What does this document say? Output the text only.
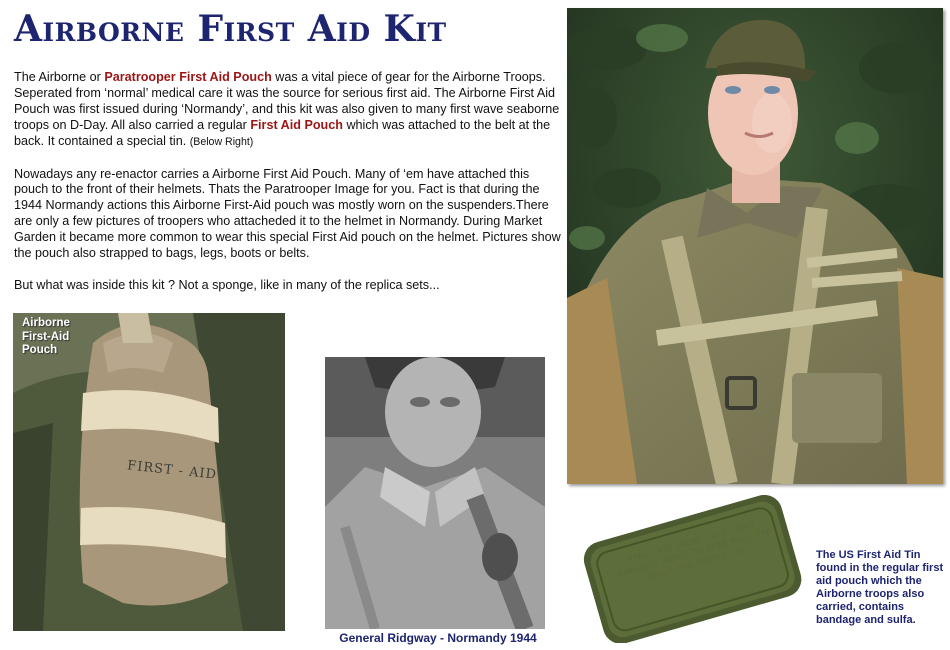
Airborne First Aid Kit

The Airborne or Paratrooper First Aid Pouch was a vital piece of gear for the Airborne Troops. Seperated from ‘normal’ medical care it was the source for serious first aid. The Airborne First Aid Pouch was first issued during ‘Normandy’, and this kit was also given to many first wave seaborne troops on D-Day. All also carried a regular First Aid Pouch which was attached to the belt at the back. It contained a special tin. (Below Right)

Nowadays any re-enactor carries a Airborne First Aid Pouch. Many of ‘em have attached this pouch to the front of their helmets. Thats the Paratrooper Image for you. Fact is that during the 1944 Normandy actions this Airborne First-Aid pouch was mostly worn on the suspenders.There are only a few pictures of troopers who attacheded it to the helmet in Normandy. During Market Garden it became more common to wear this special First Aid pouch on the helmet. Pictures show the pouch also strapped to bags, legs, boots or belts.

But what was inside this kit ? Not a sponge, like in many of the replica sets...

Airborne
First-Aid
Pouch
FIRST - AID
General Ridgway - Normandy 1944
FIRST AID PACKET U.S. GOVT CARLISLE MODEL TO OPEN PULL TAB HANDY PAD SUPPLY CO.	The US First Aid Tin found in the regular first aid pouch which the Airborne troops also carried, contains bandage and sulfa.
